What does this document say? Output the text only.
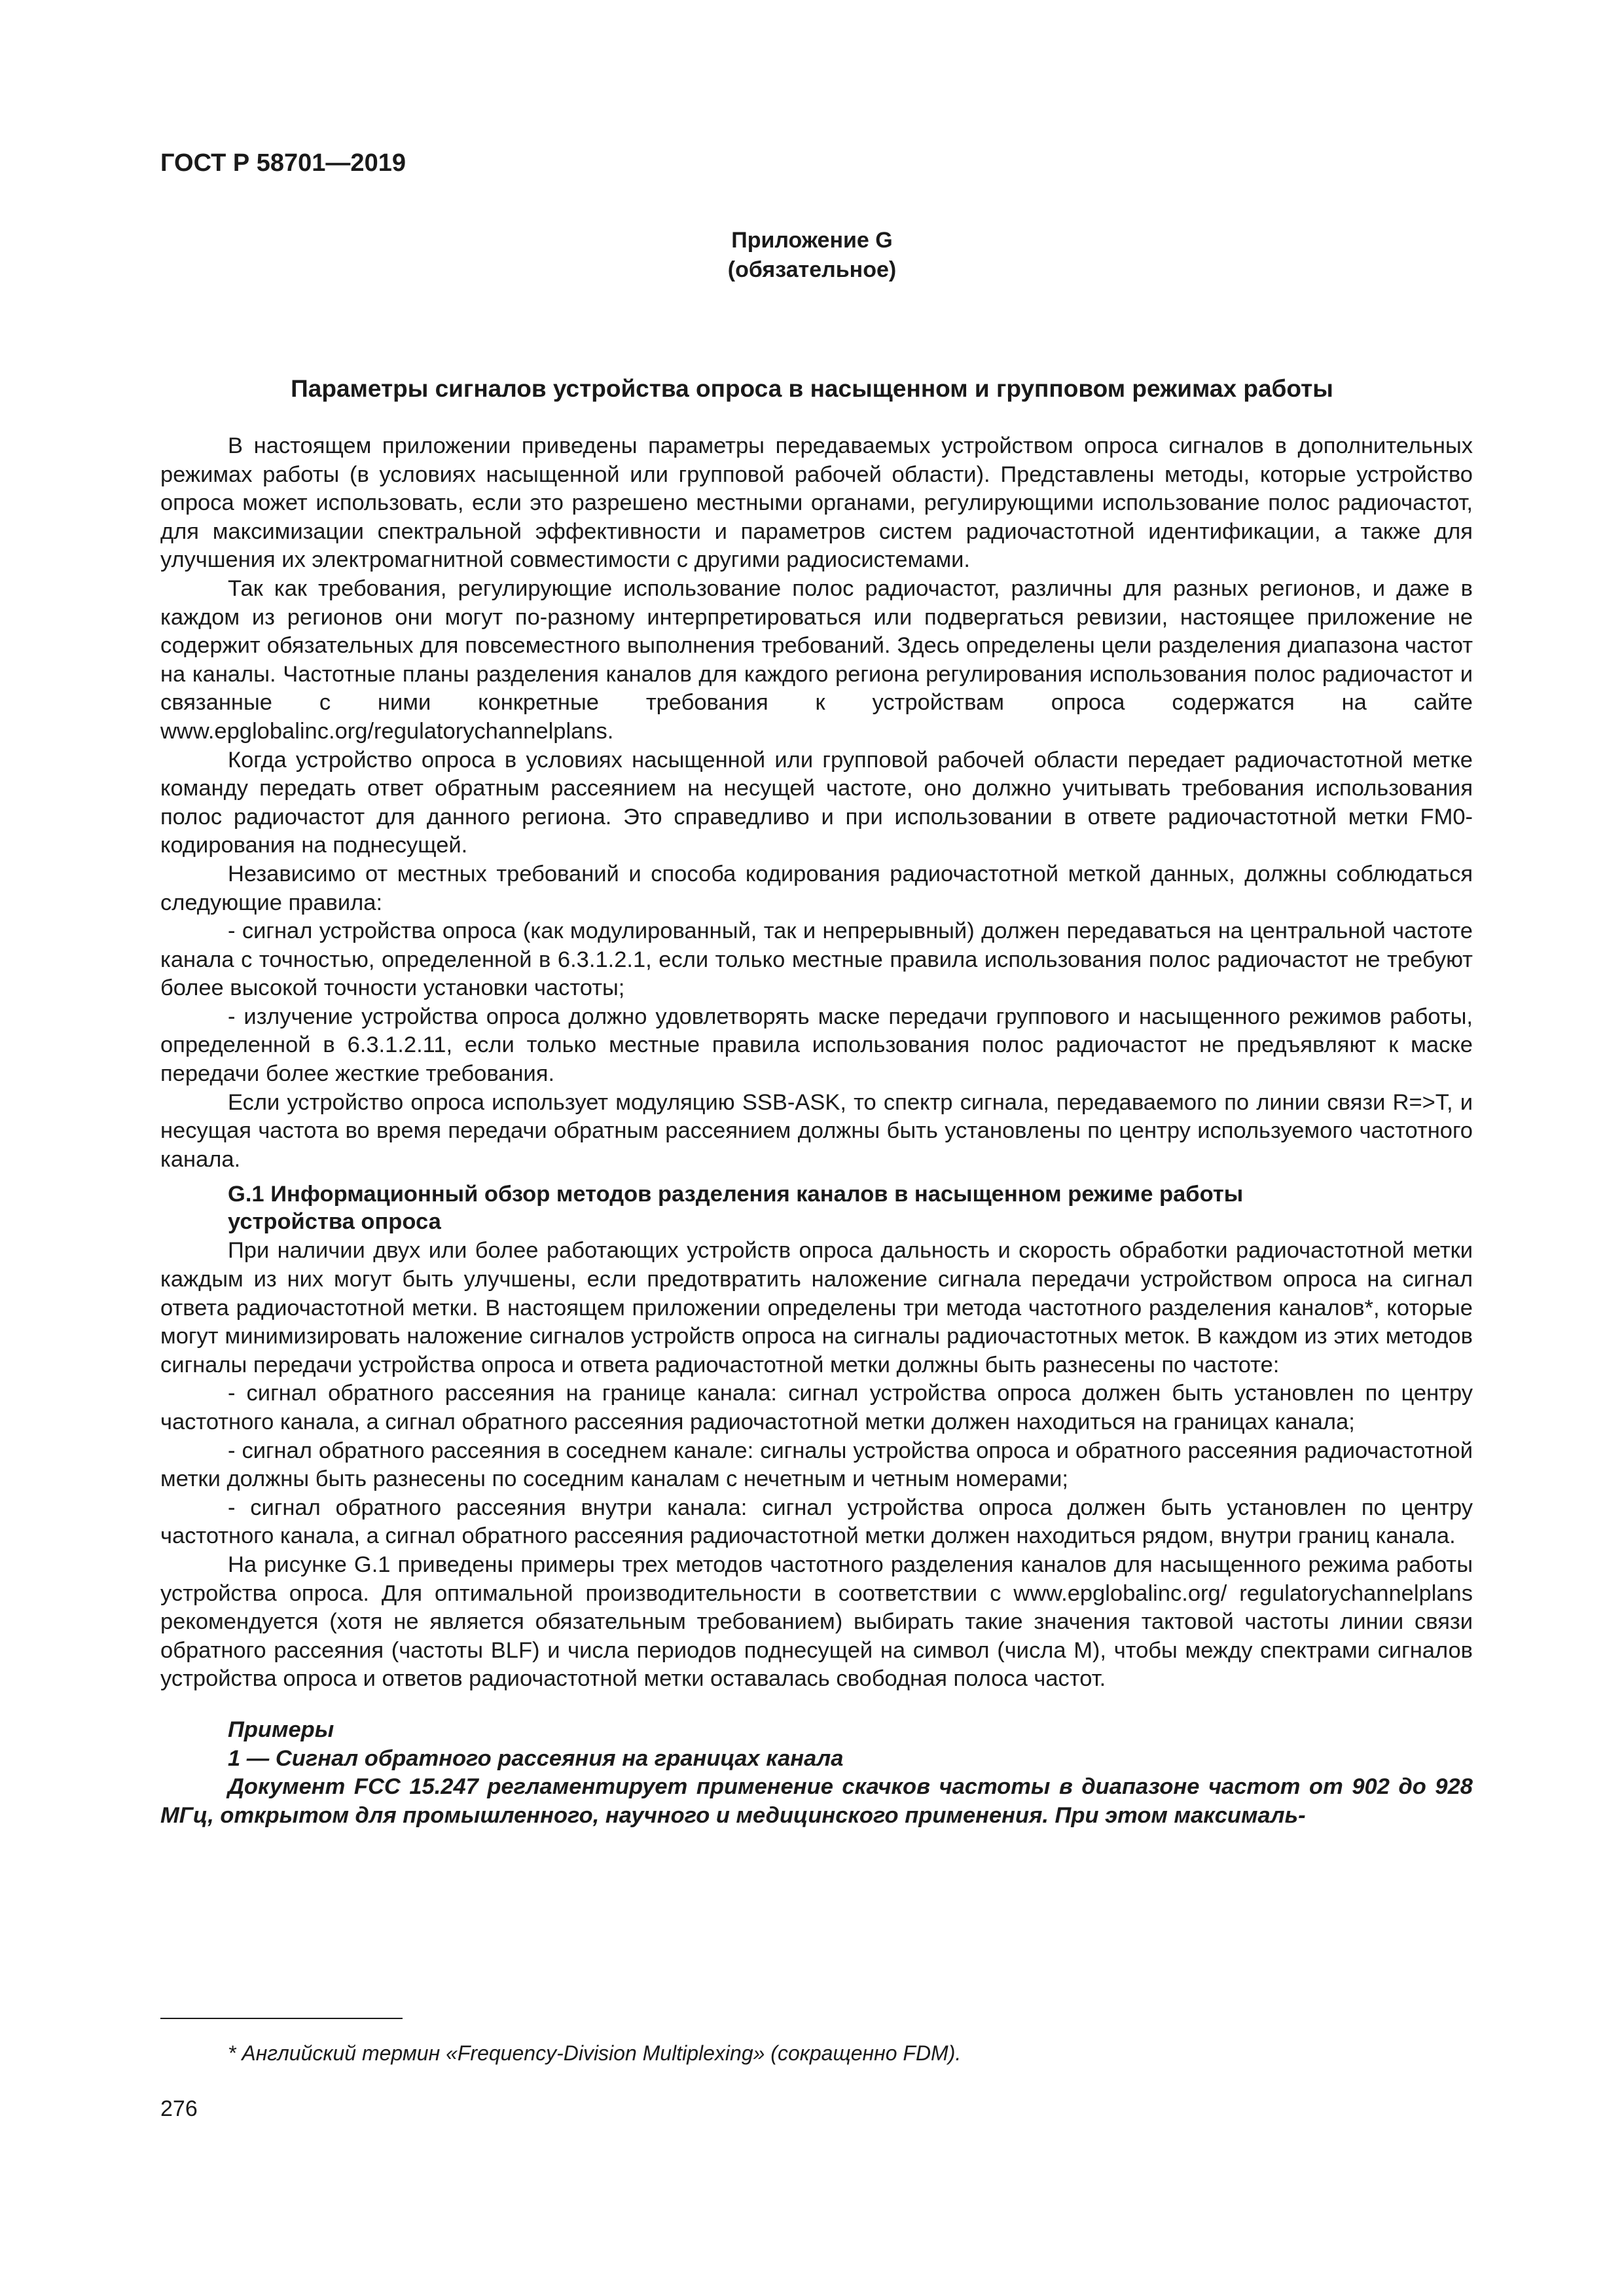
ГОСТ Р 58701—2019
Приложение G
(обязательное)
Параметры сигналов устройства опроса в насыщенном и групповом режимах работы

В настоящем приложении приведены параметры передаваемых устройством опроса сигналов в дополнительных режимах работы (в условиях насыщенной или групповой рабочей области). Представлены методы, которые устройство опроса может использовать, если это разрешено местными органами, регулирующими использование полос радиочастот, для максимизации спектральной эффективности и параметров систем радиочастотной идентификации, а также для улучшения их электромагнитной совместимости с другими радиосистемами.

Так как требования, регулирующие использование полос радиочастот, различны для разных регионов, и даже в каждом из регионов они могут по-разному интерпретироваться или подвергаться ревизии, настоящее приложение не содержит обязательных для повсеместного выполнения требований. Здесь определены цели разделения диапазона частот на каналы. Частотные планы разделения каналов для каждого региона регулирования использования полос радиочастот и связанные с ними конкретные требования к устройствам опроса содержатся на сайте www.epglobalinc.org/regulatorychannelplans.

Когда устройство опроса в условиях насыщенной или групповой рабочей области передает радиочастотной метке команду передать ответ обратным рассеянием на несущей частоте, оно должно учитывать требования использования полос радиочастот для данного региона. Это справедливо и при использовании в ответе радиочастотной метки FM0-кодирования на поднесущей.

Независимо от местных требований и способа кодирования радиочастотной меткой данных, должны соблюдаться следующие правила:

- сигнал устройства опроса (как модулированный, так и непрерывный) должен передаваться на центральной частоте канала с точностью, определенной в 6.3.1.2.1, если только местные правила использования полос радиочастот не требуют более высокой точности установки частоты;

- излучение устройства опроса должно удовлетворять маске передачи группового и насыщенного режимов работы, определенной в 6.3.1.2.11, если только местные правила использования полос радиочастот не предъявляют к маске передачи более жесткие требования.

Если устройство опроса использует модуляцию SSB-ASK, то спектр сигнала, передаваемого по линии связи R=>T, и несущая частота во время передачи обратным рассеянием должны быть установлены по центру используемого частотного канала.

G.1 Информационный обзор методов разделения каналов в насыщенном режиме работы
устройства опроса

При наличии двух или более работающих устройств опроса дальность и скорость обработки радиочастотной метки каждым из них могут быть улучшены, если предотвратить наложение сигнала передачи устройством опроса на сигнал ответа радиочастотной метки. В настоящем приложении определены три метода частотного разделения каналов*, которые могут минимизировать наложение сигналов устройств опроса на сигналы радиочастотных меток. В каждом из этих методов сигналы передачи устройства опроса и ответа радиочастотной метки должны быть разнесены по частоте:

- сигнал обратного рассеяния на границе канала: сигнал устройства опроса должен быть установлен по центру частотного канала, а сигнал обратного рассеяния радиочастотной метки должен находиться на границах канала;

- сигнал обратного рассеяния в соседнем канале: сигналы устройства опроса и обратного рассеяния радиочастотной метки должны быть разнесены по соседним каналам с нечетным и четным номерами;

- сигнал обратного рассеяния внутри канала: сигнал устройства опроса должен быть установлен по центру частотного канала, а сигнал обратного рассеяния радиочастотной метки должен находиться рядом, внутри границ канала.

На рисунке G.1 приведены примеры трех методов частотного разделения каналов для насыщенного режима работы устройства опроса. Для оптимальной производительности в соответствии с www.epglobalinc.org/ regulatorychannelplans рекомендуется (хотя не является обязательным требованием) выбирать такие значения тактовой частоты линии связи обратного рассеяния (частоты BLF) и числа периодов поднесущей на символ (числа M), чтобы между спектрами сигналов устройства опроса и ответов радиочастотной метки оставалась свободная полоса частот.

Примеры

1 — Сигнал обратного рассеяния на границах канала

Документ FCC 15.247 регламентирует применение скачков частоты в диапазоне частот от 902 до 928 МГц, открытом для промышленного, научного и медицинского применения. При этом максималь-

* Английский термин «Frequency-Division Multiplexing» (сокращенно FDM).
276
